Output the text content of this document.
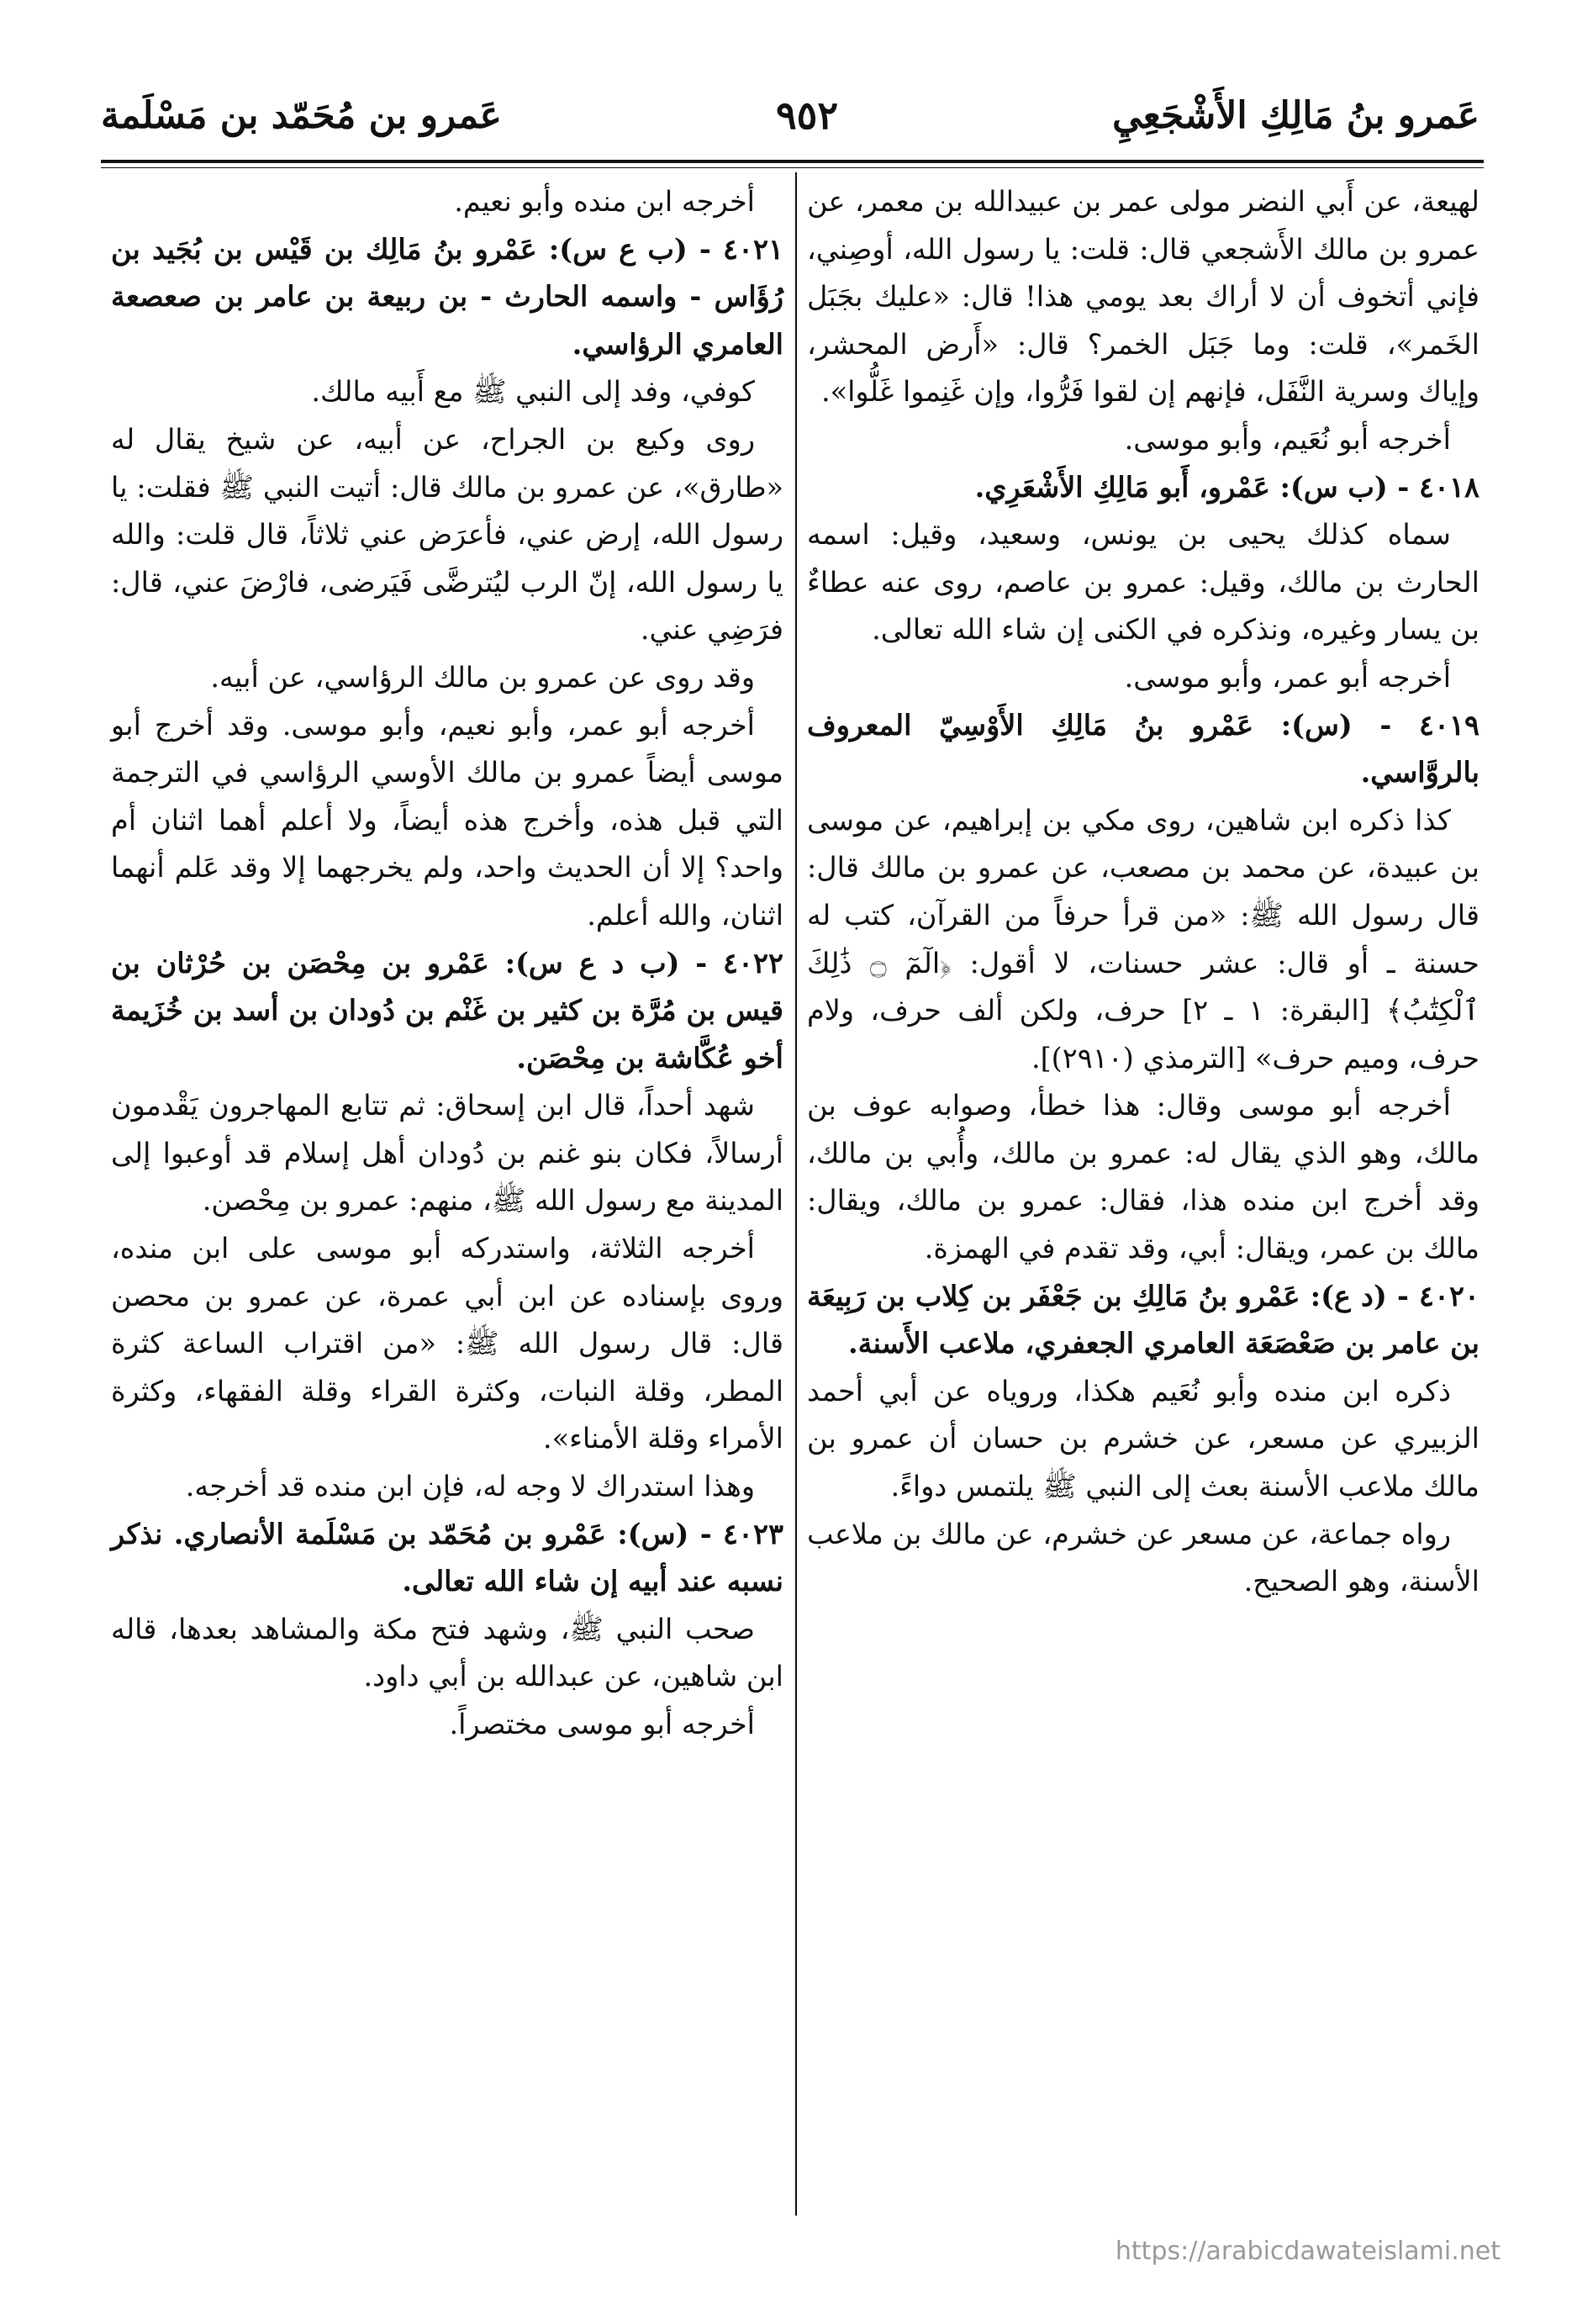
عَمرو بنُ مَالِكِ الأَشْجَعِيِ
٩٥٢
عَمرو بن مُحَمّد بن مَسْلَمة

لهيعة، عن أَبي النضر مولى عمر بن عبيدالله بن معمر، عن عمرو بن مالك الأَشجعي قال: قلت: يا رسول الله، أوصِني، فإني أتخوف أن لا أراك بعد يومي هذا! قال: «عليك بجَبَل الخَمر»، قلت: وما جَبَل الخمر؟ قال: «أَرض المحشر، وإياك وسرية النَّفَل، فإنهم إن لقوا فَرُّوا، وإن غَنِموا غَلُّوا».

أخرجه أبو نُعَيم، وأبو موسى.

٤٠١٨ - (ب س): عَمْرو، أَبو مَالِكِ الأَشْعَرِي.

سماه كذلك يحيى بن يونس، وسعيد، وقيل: اسمه الحارث بن مالك، وقيل: عمرو بن عاصم، روى عنه عطاءٌ بن يسار وغيره، ونذكره في الكنى إن شاء الله تعالى.

أخرجه أبو عمر، وأبو موسى.

٤٠١٩ - (س): عَمْرو بنُ مَالِكِ الأَوْسِيّ المعروف بالروَّاسي.

كذا ذكره ابن شاهين، روى مكي بن إبراهيم، عن موسى بن عبيدة، عن محمد بن مصعب، عن عمرو بن مالك قال: قال رسول الله ﷺ: «من قرأ حرفاً من القرآن، كتب له حسنة ـ أو قال: عشر حسنات، لا أقول: ﴿الٓمٓ ۝ ذَٰلِكَ ٱلْكِتَٰبُ﴾ [البقرة: ١ ـ ٢] حرف، ولكن ألف حرف، ولام حرف، وميم حرف» [الترمذي (٢٩١٠)].

أخرجه أبو موسى وقال: هذا خطأ، وصوابه عوف بن مالك، وهو الذي يقال له: عمرو بن مالك، وأُبي بن مالك، وقد أخرج ابن منده هذا، فقال: عمرو بن مالك، ويقال: مالك بن عمر، ويقال: أبي، وقد تقدم في الهمزة.

٤٠٢٠ - (د ع): عَمْرو بنُ مَالِكِ بن جَعْفَر بن كِلاب بن رَبِيعَة بن عامر بن صَعْصَعَة العامري الجعفري، ملاعب الأَسنة.

ذكره ابن منده وأبو نُعَيم هكذا، وروياه عن أبي أحمد الزبيري عن مسعر، عن خشرم بن حسان أن عمرو بن مالك ملاعب الأسنة بعث إلى النبي ﷺ يلتمس دواءً.

رواه جماعة، عن مسعر عن خشرم، عن مالك بن ملاعب الأسنة، وهو الصحيح.

أخرجه ابن منده وأبو نعيم.

٤٠٢١ - (ب ع س): عَمْرو بنُ مَالِك بن قَيْس بن بُجَيد بن رُؤَاس - واسمه الحارث - بن ربيعة بن عامر بن صعصعة العامري الرؤاسي.

كوفي، وفد إلى النبي ﷺ مع أَبيه مالك.

روى وكيع بن الجراح، عن أبيه، عن شيخ يقال له «طارق»، عن عمرو بن مالك قال: أتيت النبي ﷺ فقلت: يا رسول الله، إرض عني، فأعرَض عني ثلاثاً، قال قلت: والله يا رسول الله، إنّ الرب ليُترضَّى فَيَرضى، فارْضَ عني، قال: فرَضِي عني.

وقد روى عن عمرو بن مالك الرؤاسي، عن أبيه.

أخرجه أبو عمر، وأبو نعيم، وأبو موسى. وقد أخرج أبو موسى أيضاً عمرو بن مالك الأوسي الرؤاسي في الترجمة التي قبل هذه، وأخرج هذه أيضاً، ولا أعلم أهما اثنان أم واحد؟ إلا أن الحديث واحد، ولم يخرجهما إلا وقد عَلم أنهما اثنان، والله أعلم.

٤٠٢٢ - (ب د ع س): عَمْرو بن مِحْصَن بن حُرْثان بن قيس بن مُرَّة بن كثير بن غَنْم بن دُودان بن أسد بن خُزَيمة أخو عُكَّاشة بن مِحْصَن.

شهد أحداً، قال ابن إسحاق: ثم تتابع المهاجرون يَقْدمون أرسالاً، فكان بنو غنم بن دُودان أهل إسلام قد أوعبوا إلى المدينة مع رسول الله ﷺ، منهم: عمرو بن مِحْصن.

أخرجه الثلاثة، واستدركه أبو موسى على ابن منده، وروى بإسناده عن ابن أبي عمرة، عن عمرو بن محصن قال: قال رسول الله ﷺ: «من اقتراب الساعة كثرة المطر، وقلة النبات، وكثرة القراء وقلة الفقهاء، وكثرة الأمراء وقلة الأمناء».

وهذا استدراك لا وجه له، فإن ابن منده قد أخرجه.

٤٠٢٣ - (س): عَمْرو بن مُحَمّد بن مَسْلَمة الأنصاري. نذكر نسبه عند أبيه إن شاء الله تعالى.

صحب النبي ﷺ، وشهد فتح مكة والمشاهد بعدها، قاله ابن شاهين، عن عبدالله بن أبي داود.

أخرجه أبو موسى مختصراً.

https://arabicdawateislami.net
